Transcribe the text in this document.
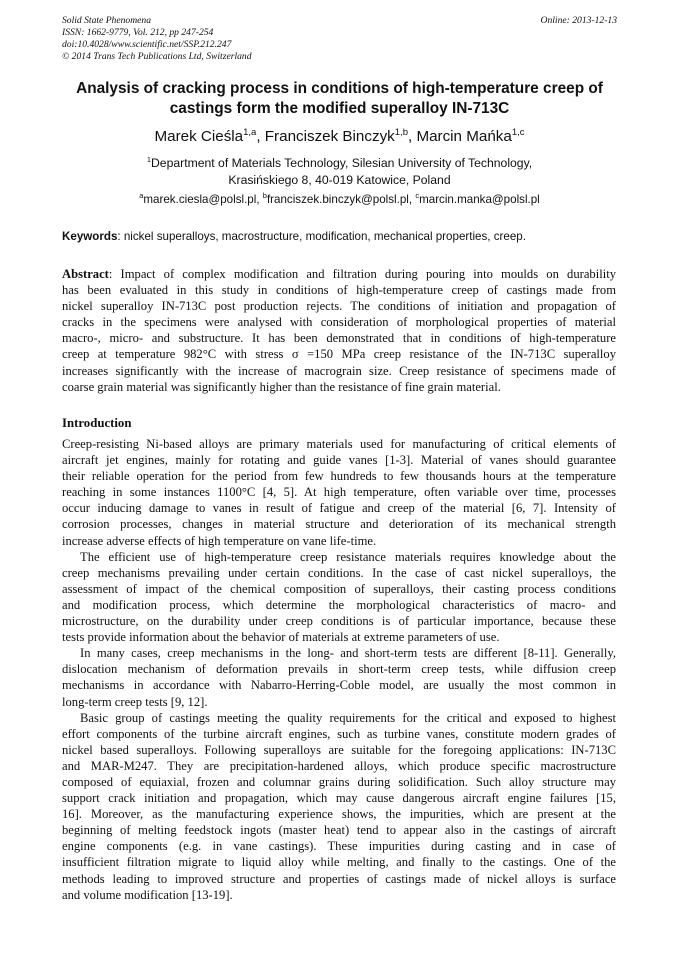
Solid State Phenomena
ISSN: 1662-9779, Vol. 212, pp 247-254
doi:10.4028/www.scientific.net/SSP.212.247
© 2014 Trans Tech Publications Ltd, Switzerland
Online: 2013-12-13
Analysis of cracking process in conditions of high-temperature creep of
castings form the modified superalloy IN-713C
Marek Cieśla$^{1,a}$, Franciszek Binczyk$^{1,b}$, Marcin Mańka$^{1,c}$
$^1$Department of Materials Technology, Silesian University of Technology,
Krasińskiego 8, 40-019 Katowice, Poland
$^a$marek.ciesla@polsl.pl, $^b$franciszek.binczyk@polsl.pl, $^c$marcin.manka@polsl.pl
Keywords: nickel superalloys, macrostructure, modification, mechanical properties, creep.
Abstract: Impact of complex modification and filtration during pouring into moulds on durability
has been evaluated in this study in conditions of high-temperature creep of castings made from
nickel superalloy IN-713C post production rejects. The conditions of initiation and propagation of
cracks in the specimens were analysed with consideration of morphological properties of material
macro-, micro- and substructure. It has been demonstrated that in conditions of high-temperature
creep at temperature 982°C with stress σ =150 MPa creep resistance of the IN-713C superalloy
increases significantly with the increase of macrograin size. Creep resistance of specimens made of
coarse grain material was significantly higher than the resistance of fine grain material.
Introduction
Creep-resisting Ni-based alloys are primary materials used for manufacturing of critical elements of
aircraft jet engines, mainly for rotating and guide vanes [1-3]. Material of vanes should guarantee
their reliable operation for the period from few hundreds to few thousands hours at the temperature
reaching in some instances 1100°C [4, 5]. At high temperature, often variable over time, processes
occur inducing damage to vanes in result of fatigue and creep of the material [6, 7]. Intensity of
corrosion processes, changes in material structure and deterioration of its mechanical strength
increase adverse effects of high temperature on vane life-time.
The efficient use of high-temperature creep resistance materials requires knowledge about the
creep mechanisms prevailing under certain conditions. In the case of cast nickel superalloys, the
assessment of impact of the chemical composition of superalloys, their casting process conditions
and modification process, which determine the morphological characteristics of macro- and
microstructure, on the durability under creep conditions is of particular importance, because these
tests provide information about the behavior of materials at extreme parameters of use.
In many cases, creep mechanisms in the long- and short-term tests are different [8-11]. Generally,
dislocation mechanism of deformation prevails in short-term creep tests, while diffusion creep
mechanisms in accordance with Nabarro-Herring-Coble model, are usually the most common in
long-term creep tests [9, 12].
Basic group of castings meeting the quality requirements for the critical and exposed to highest
effort components of the turbine aircraft engines, such as turbine vanes, constitute modern grades of
nickel based superalloys. Following superalloys are suitable for the foregoing applications: IN-713C
and MAR-M247. They are precipitation-hardened alloys, which produce specific macrostructure
composed of equiaxial, frozen and columnar grains during solidification. Such alloy structure may
support crack initiation and propagation, which may cause dangerous aircraft engine failures [15,
16]. Moreover, as the manufacturing experience shows, the impurities, which are present at the
beginning of melting feedstock ingots (master heat) tend to appear also in the castings of aircraft
engine components (e.g. in vane castings). These impurities during casting and in case of
insufficient filtration migrate to liquid alloy while melting, and finally to the castings. One of the
methods leading to improved structure and properties of castings made of nickel alloys is surface
and volume modification [13-19].
